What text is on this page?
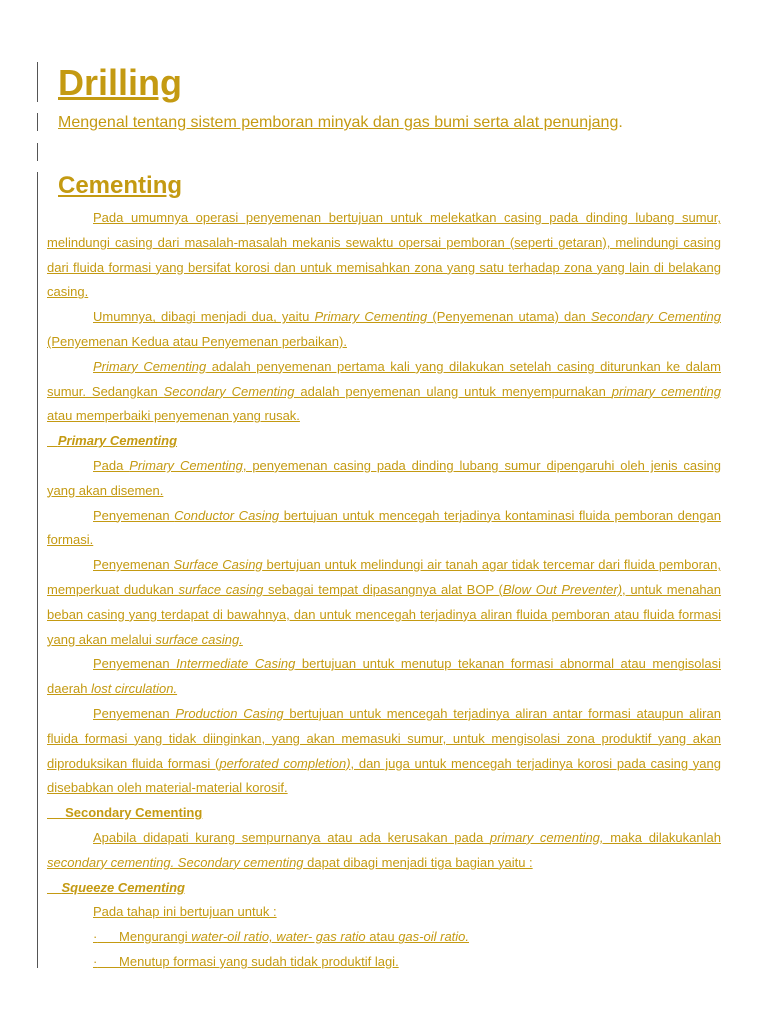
Drilling

Mengenal tentang sistem pemboran minyak dan gas bumi serta alat penunjang.

Cementing

Pada umumnya operasi penyemenan bertujuan untuk melekatkan casing pada dinding lubang sumur, melindungi casing dari masalah-masalah mekanis sewaktu opersai pemboran (seperti getaran), melindungi casing dari fluida formasi yang bersifat korosi dan untuk memisahkan zona yang satu terhadap zona yang lain di belakang casing.

Umumnya, dibagi menjadi dua, yaitu Primary Cementing (Penyemenan utama) dan Secondary Cementing (Penyemenan Kedua atau Penyemenan perbaikan).

Primary Cementing adalah penyemenan pertama kali yang dilakukan setelah casing diturunkan ke dalam sumur. Sedangkan Secondary Cementing adalah penyemenan ulang untuk menyempurnakan primary cementing atau memperbaiki penyemenan yang rusak.

Primary Cementing

Pada Primary Cementing, penyemenan casing pada dinding lubang sumur dipengaruhi oleh jenis casing yang akan disemen.

Penyemenan Conductor Casing bertujuan untuk mencegah terjadinya kontaminasi fluida pemboran dengan formasi.

Penyemenan Surface Casing bertujuan untuk melindungi air tanah agar tidak tercemar dari fluida pemboran, memperkuat dudukan surface casing sebagai tempat dipasangnya alat BOP (Blow Out Preventer), untuk menahan beban casing yang terdapat di bawahnya, dan untuk mencegah terjadinya aliran fluida pemboran atau fluida formasi yang akan melalui surface casing.

Penyemenan Intermediate Casing bertujuan untuk menutup tekanan formasi abnormal atau mengisolasi daerah lost circulation.

Penyemenan Production Casing bertujuan untuk mencegah terjadinya aliran antar formasi ataupun aliran fluida formasi yang tidak diinginkan, yang akan memasuki sumur, untuk mengisolasi zona produktif yang akan diproduksikan fluida formasi (perforated completion), dan juga untuk mencegah terjadinya korosi pada casing yang disebabkan oleh material-material korosif.

Secondary Cementing

Apabila didapati kurang sempurnanya atau ada kerusakan pada primary cementing, maka dilakukanlah secondary cementing. Secondary cementing dapat dibagi menjadi tiga bagian yaitu :

Squeeze Cementing

Pada tahap ini bertujuan untuk :

· Mengurangi water-oil ratio, water- gas ratio atau gas-oil ratio.

· Menutup formasi yang sudah tidak produktif lagi.
